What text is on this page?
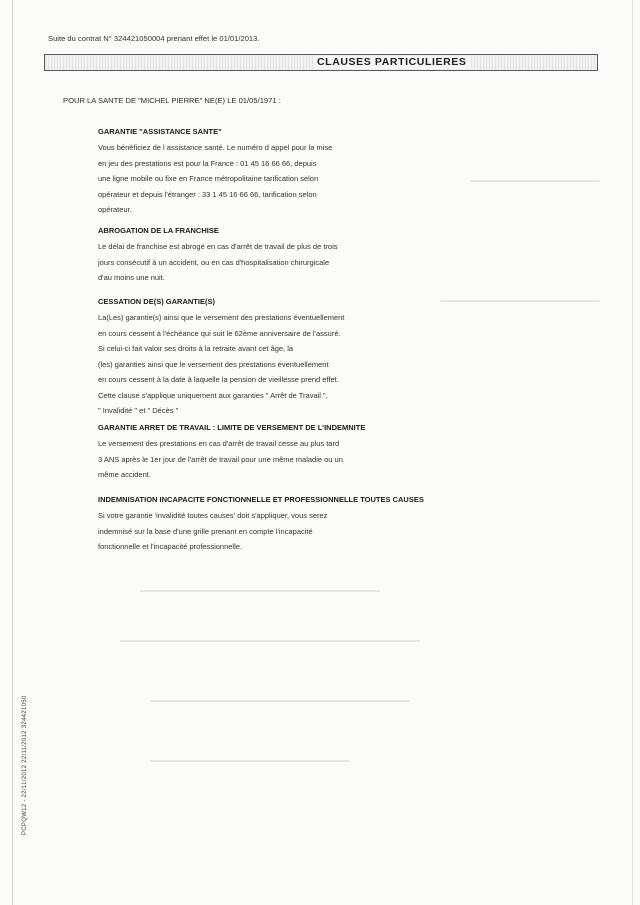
Suite du contrat N° 324421050004 prenant effet le 01/01/2013.
CLAUSES PARTICULIERES
POUR LA SANTE DE "MICHEL PIERRE" NE(E) LE 01/05/1971 :

GARANTIE "ASSISTANCE SANTE"

Vous bénéficiez de l assistance santé. Le numéro d appel pour la mise

en jeu des prestations est pour la France : 01 45 16 66 66, depuis

une ligne mobile ou fixe en France métropolitaine tarification selon

opérateur et depuis l'étranger : 33 1 45 16 66 66, tarification selon

opérateur.

ABROGATION DE LA FRANCHISE

Le délai de franchise est abrogé en cas d'arrêt de travail de plus de trois

jours consécutif à un accident, ou en cas d'hospitalisation chirurgicale

d'au moins une nuit.

CESSATION DE(S) GARANTIE(S)

La(Les) garantie(s) ainsi que le versement des prestations éventuellement

en cours cessent à l'échéance qui suit le 62ème anniversaire de l'assuré.

Si celui-ci fait valoir ses droits à la retraite avant cet âge, la

(les) garanties ainsi que le versement des prestations éventuellement

en cours cessent à la date à laquelle la pension de vieillesse prend effet.

Cette clause s'applique uniquement aux garanties " Arrêt de Travail ",

" Invalidité " et " Décès "

GARANTIE ARRET DE TRAVAIL : LIMITE DE VERSEMENT DE L'INDEMNITE

Le versement des prestations en cas d'arrêt de travail cesse au plus tard

3 ANS après le 1er jour de l'arrêt de travail pour une même maladie ou un

même accident.

INDEMNISATION INCAPACITE FONCTIONNELLE ET PROFESSIONNELLE TOUTES CAUSES

Si votre garantie 'invalidité toutes causes' doit s'appliquer, vous serez

indemnisé sur la base d'une grille prenant en compte l'incapacité

fonctionnelle et l'incapacité professionnelle.

PCPQW12 - 22/11/2012 22/11/2012 324421050
